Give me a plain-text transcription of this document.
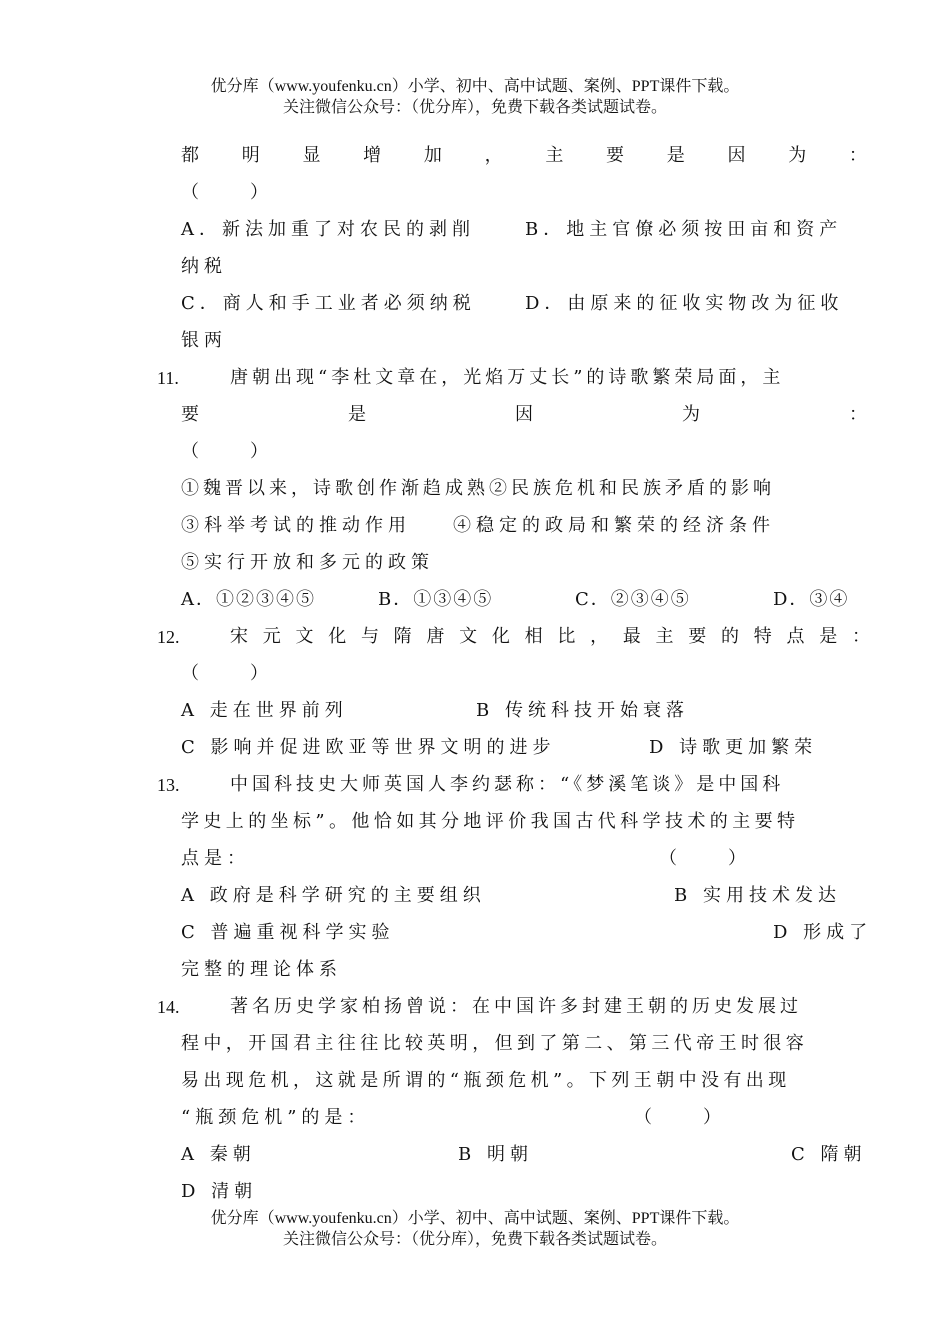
优分库（www.youfenku.cn）小学、初中、高中试题、案例、PPT课件下载。
关注微信公众号：（优分库），免费下载各类试题试卷。
都 明 显 增 加 ， 主 要 是 因 为 ：
（　　）
A．新法加重了对农民的剥削	B．地主官僚必须按田亩和资产
纳税
C．商人和手工业者必须纳税	D．由原来的征收实物改为征收
银两
11.	唐朝出现“李杜文章在，光焰万丈长”的诗歌繁荣局面，主
要	是	因	为	：
（　　）
①魏晋以来，诗歌创作渐趋成熟②民族危机和民族矛盾的影响
③科举考试的推动作用 ④稳定的政局和繁荣的经济条件
⑤实行开放和多元的政策
A．①②③④⑤	B．①③④⑤	C．②③④⑤	D．③④
12.	宋 元 文 化 与 隋 唐 文 化 相 比 ， 最 主 要 的 特 点 是 ：
（　　）
A 走在世界前列	B 传统科技开始衰落
C 影响并促进欧亚等世界文明的进步	D 诗歌更加繁荣
13.	中国科技史大师英国人李约瑟称：“《梦溪笔谈》是中国科
学史上的坐标”。他恰如其分地评价我国古代科学技术的主要特
点是：	（　　）
A 政府是科学研究的主要组织	B 实用技术发达
C 普遍重视科学实验	D 形成了
完整的理论体系
14.	著名历史学家柏扬曾说：在中国许多封建王朝的历史发展过
程中，开国君主往往比较英明，但到了第二、第三代帝王时很容
易出现危机，这就是所谓的“瓶颈危机”。下列王朝中没有出现
“瓶颈危机”的是：	（　　）
A 秦朝	B 明朝	C 隋朝
D 清朝
优分库（www.youfenku.cn）小学、初中、高中试题、案例、PPT课件下载。
关注微信公众号：（优分库），免费下载各类试题试卷。
